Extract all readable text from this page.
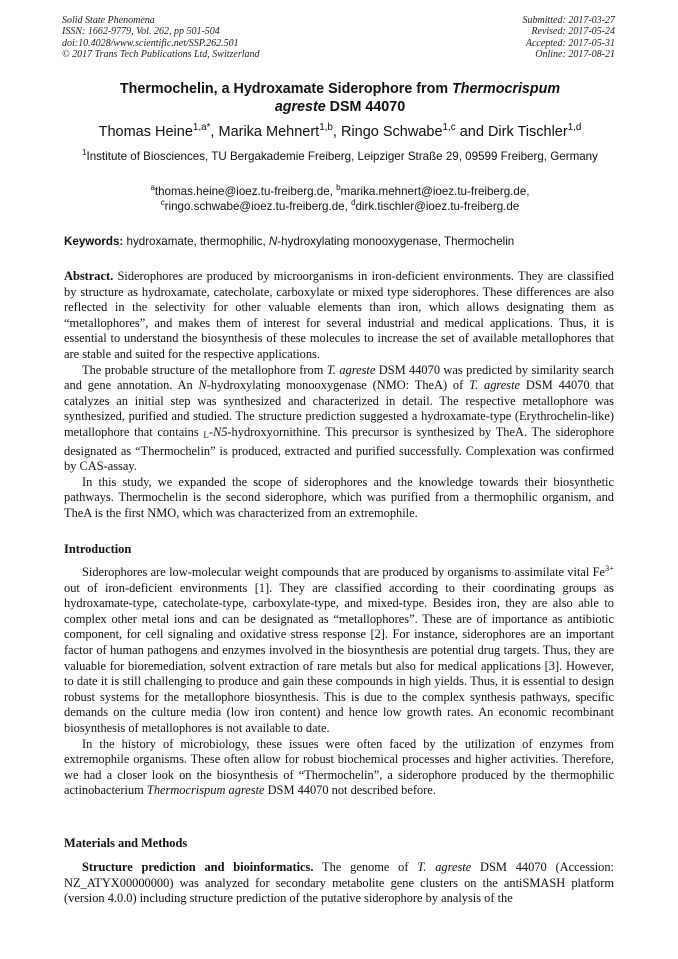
Solid State Phenomena
ISSN: 1662-9779, Vol. 262, pp 501-504
doi:10.4028/www.scientific.net/SSP.262.501
© 2017 Trans Tech Publications Ltd, Switzerland
Submitted: 2017-03-27
Revised: 2017-05-24
Accepted: 2017-05-31
Online: 2017-08-21
Thermochelin, a Hydroxamate Siderophore from Thermocrispum
agreste DSM 44070
Thomas Heine$^{1,a*}$, Marika Mehnert$^{1,b}$, Ringo Schwabe$^{1,c}$ and Dirk Tischler$^{1,d}$
$^1$Institute of Biosciences, TU Bergakademie Freiberg, Leipziger Straße 29, 09599 Freiberg, Germany
$^a$thomas.heine@ioez.tu-freiberg.de, $^b$marika.mehnert@ioez.tu-freiberg.de,
$^c$ringo.schwabe@ioez.tu-freiberg.de, $^d$dirk.tischler@ioez.tu-freiberg.de
Keywords: hydroxamate, thermophilic, N-hydroxylating monooxygenase, Thermochelin

Abstract. Siderophores are produced by microorganisms in iron-deficient environments. They are classified by structure as hydroxamate, catecholate, carboxylate or mixed type siderophores. These differences are also reflected in the selectivity for other valuable elements than iron, which allows designating them as “metallophores”, and makes them of interest for several industrial and medical applications. Thus, it is essential to understand the biosynthesis of these molecules to increase the set of available metallophores that are stable and suited for the respective applications.

The probable structure of the metallophore from T. agreste DSM 44070 was predicted by similarity search and gene annotation. An N-hydroxylating monooxygenase (NMO: TheA) of T. agreste DSM 44070 that catalyzes an initial step was synthesized and characterized in detail. The respective metallophore was synthesized, purified and studied. The structure prediction suggested a hydroxamate-type (Erythrochelin-like) metallophore that contains L-N5-hydroxyornithine. This precursor is synthesized by TheA. The siderophore designated as “Thermochelin” is produced, extracted and purified successfully. Complexation was confirmed by CAS-assay.

In this study, we expanded the scope of siderophores and the knowledge towards their biosynthetic pathways. Thermochelin is the second siderophore, which was purified from a thermophilic organism, and TheA is the first NMO, which was characterized from an extremophile.

Introduction

Siderophores are low-molecular weight compounds that are produced by organisms to assimilate vital $Fe^{3+}$ out of iron-deficient environments [1]. They are classified according to their coordinating groups as hydroxamate-type, catecholate-type, carboxylate-type, and mixed-type. Besides iron, they are also able to complex other metal ions and can be designated as “metallophores”. These are of importance as antibiotic component, for cell signaling and oxidative stress response [2]. For instance, siderophores are an important factor of human pathogens and enzymes involved in the biosynthesis are potential drug targets. Thus, they are valuable for bioremediation, solvent extraction of rare metals but also for medical applications [3]. However, to date it is still challenging to produce and gain these compounds in high yields. Thus, it is essential to design robust systems for the metallophore biosynthesis. This is due to the complex synthesis pathways, specific demands on the culture media (low iron content) and hence low growth rates. An economic recombinant biosynthesis of metallophores is not available to date.

In the history of microbiology, these issues were often faced by the utilization of enzymes from extremophile organisms. These often allow for robust biochemical processes and higher activities. Therefore, we had a closer look on the biosynthesis of “Thermochelin”, a siderophore produced by the thermophilic actinobacterium Thermocrispum agreste DSM 44070 not described before.

Materials and Methods

Structure prediction and bioinformatics. The genome of T. agreste DSM 44070 (Accession: NZ_ATYX00000000) was analyzed for secondary metabolite gene clusters on the antiSMASH platform (version 4.0.0) including structure prediction of the putative siderophore by analysis of the
